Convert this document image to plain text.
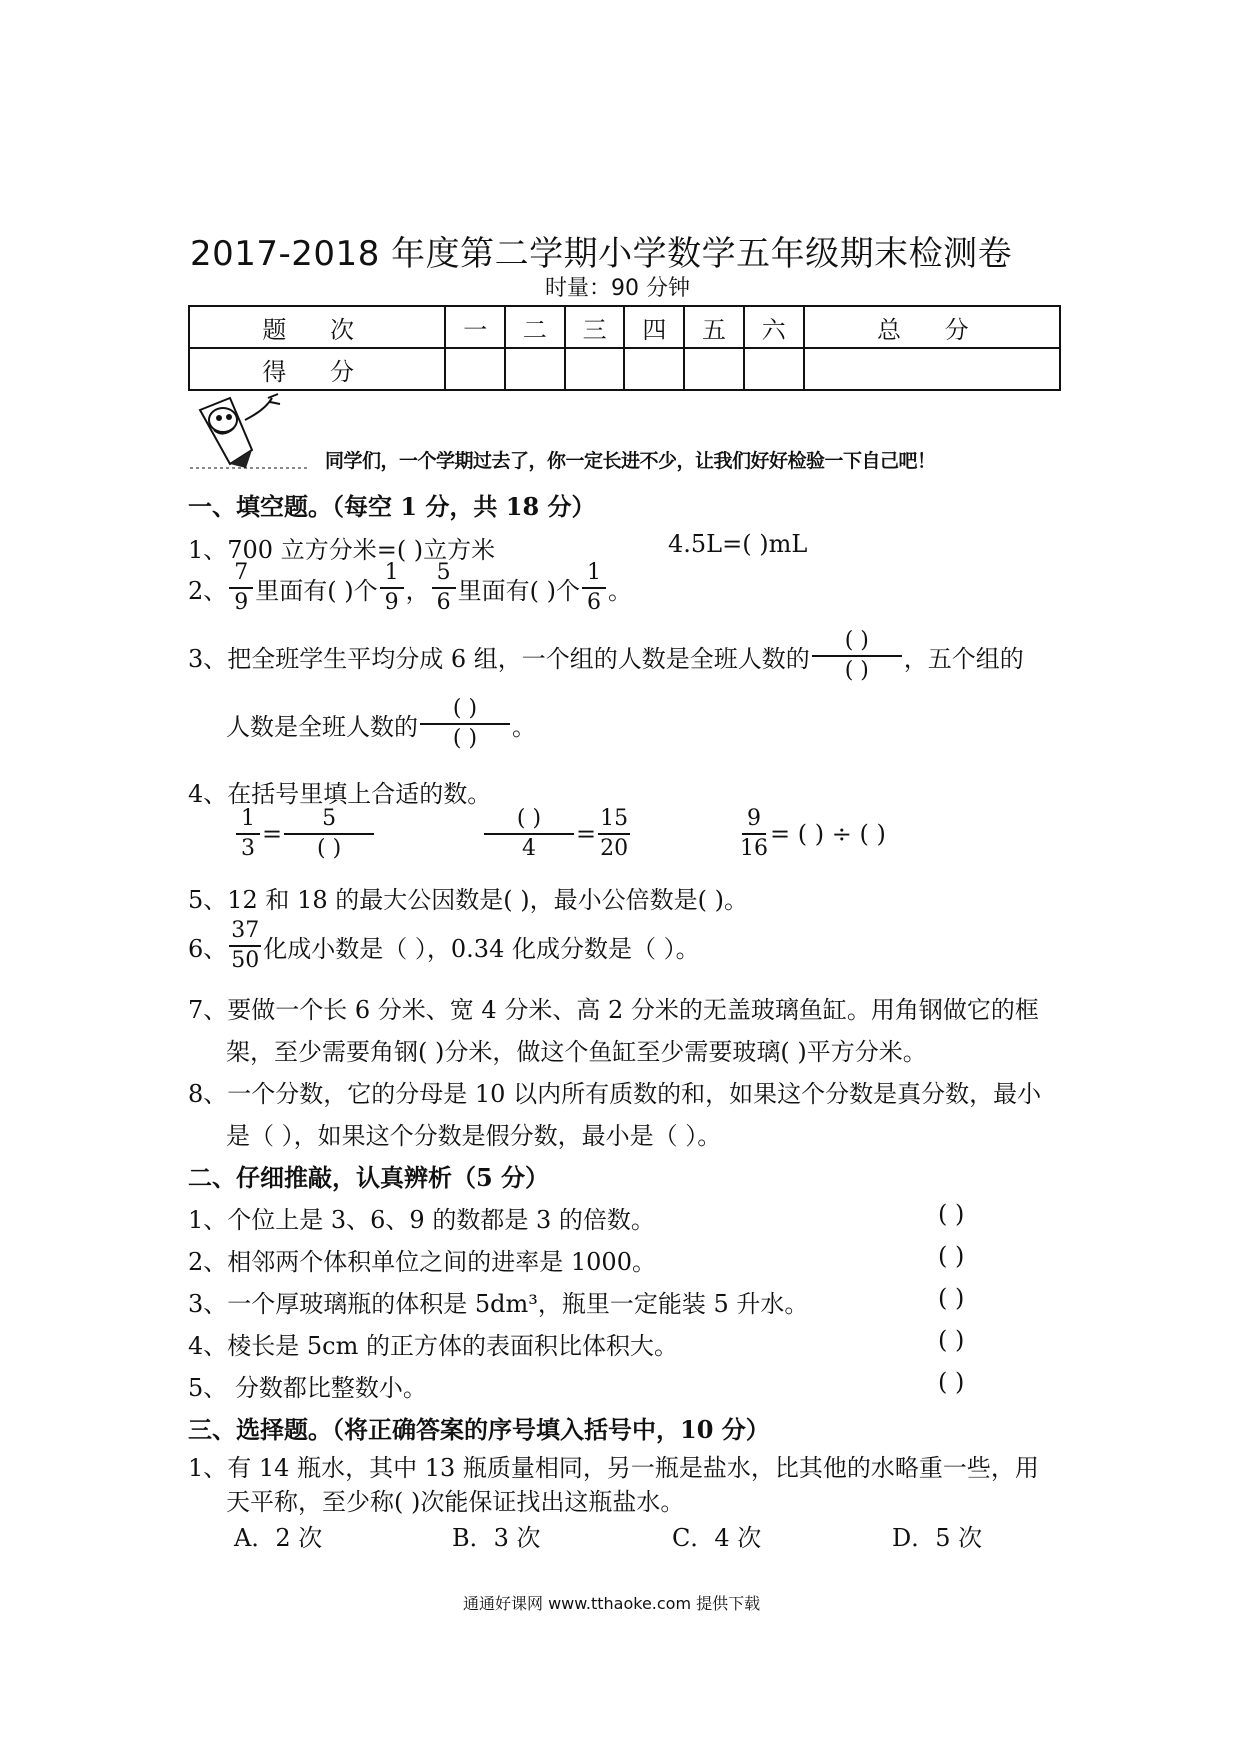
2017-2018 年度第二学期小学数学五年级期末检测卷
时量：90 分钟
题 次	一	二	三	四	五	六	总 分
得 分							
同学们，一个学期过去了，你一定长进不少，让我们好好检验一下自己吧！
一、填空题。（每空 1 分，共 18 分）
1、700 立方分米=( )立方米	4.5L=( )mL
2、 $\frac{7}{9}$ 里面有( )个 $\frac{1}{9}$ ， $\frac{5}{6}$ 里面有( )个 $\frac{1}{6}$ 。
3、把全班学生平均分成 6 组，一个组的人数是全班人数的 $\frac{( )}{( )}$ ，五个组的
人数是全班人数的 $\frac{( )}{( )}$ 。
4、在括号里填上合适的数。
$\frac{1}{3} = \frac{5}{( )}$	$\frac{( )}{4} = \frac{15}{20}$	$\frac{9}{16}$ = ( ) ÷ ( )
5、12 和 18 的最大公因数是( )，最小公倍数是( )。
6、 $\frac{37}{50}$ 化成小数是（ ），0.34 化成分数是（ ）。
7、要做一个长 6 分米、宽 4 分米、高 2 分米的无盖玻璃鱼缸。用角钢做它的框
架，至少需要角钢( )分米，做这个鱼缸至少需要玻璃( )平方分米。
8、一个分数，它的分母是 10 以内所有质数的和，如果这个分数是真分数，最小
是（ ），如果这个分数是假分数，最小是（ ）。
二、仔细推敲，认真辨析（5 分）
1、个位上是 3、6、9 的数都是 3 的倍数。	( )
2、相邻两个体积单位之间的进率是 1000。	( )
3、一个厚玻璃瓶的体积是 5dm³，瓶里一定能装 5 升水。	( )
4、棱长是 5cm 的正方体的表面积比体积大。	( )
5、 分数都比整数小。	( )
三、选择题。（将正确答案的序号填入括号中，10 分）
1、有 14 瓶水，其中 13 瓶质量相同，另一瓶是盐水，比其他的水略重一些，用
天平称，至少称( )次能保证找出这瓶盐水。
A．2 次	B．3 次	C．4 次	D．5 次
通通好课网 www.tthaoke.com 提供下载
